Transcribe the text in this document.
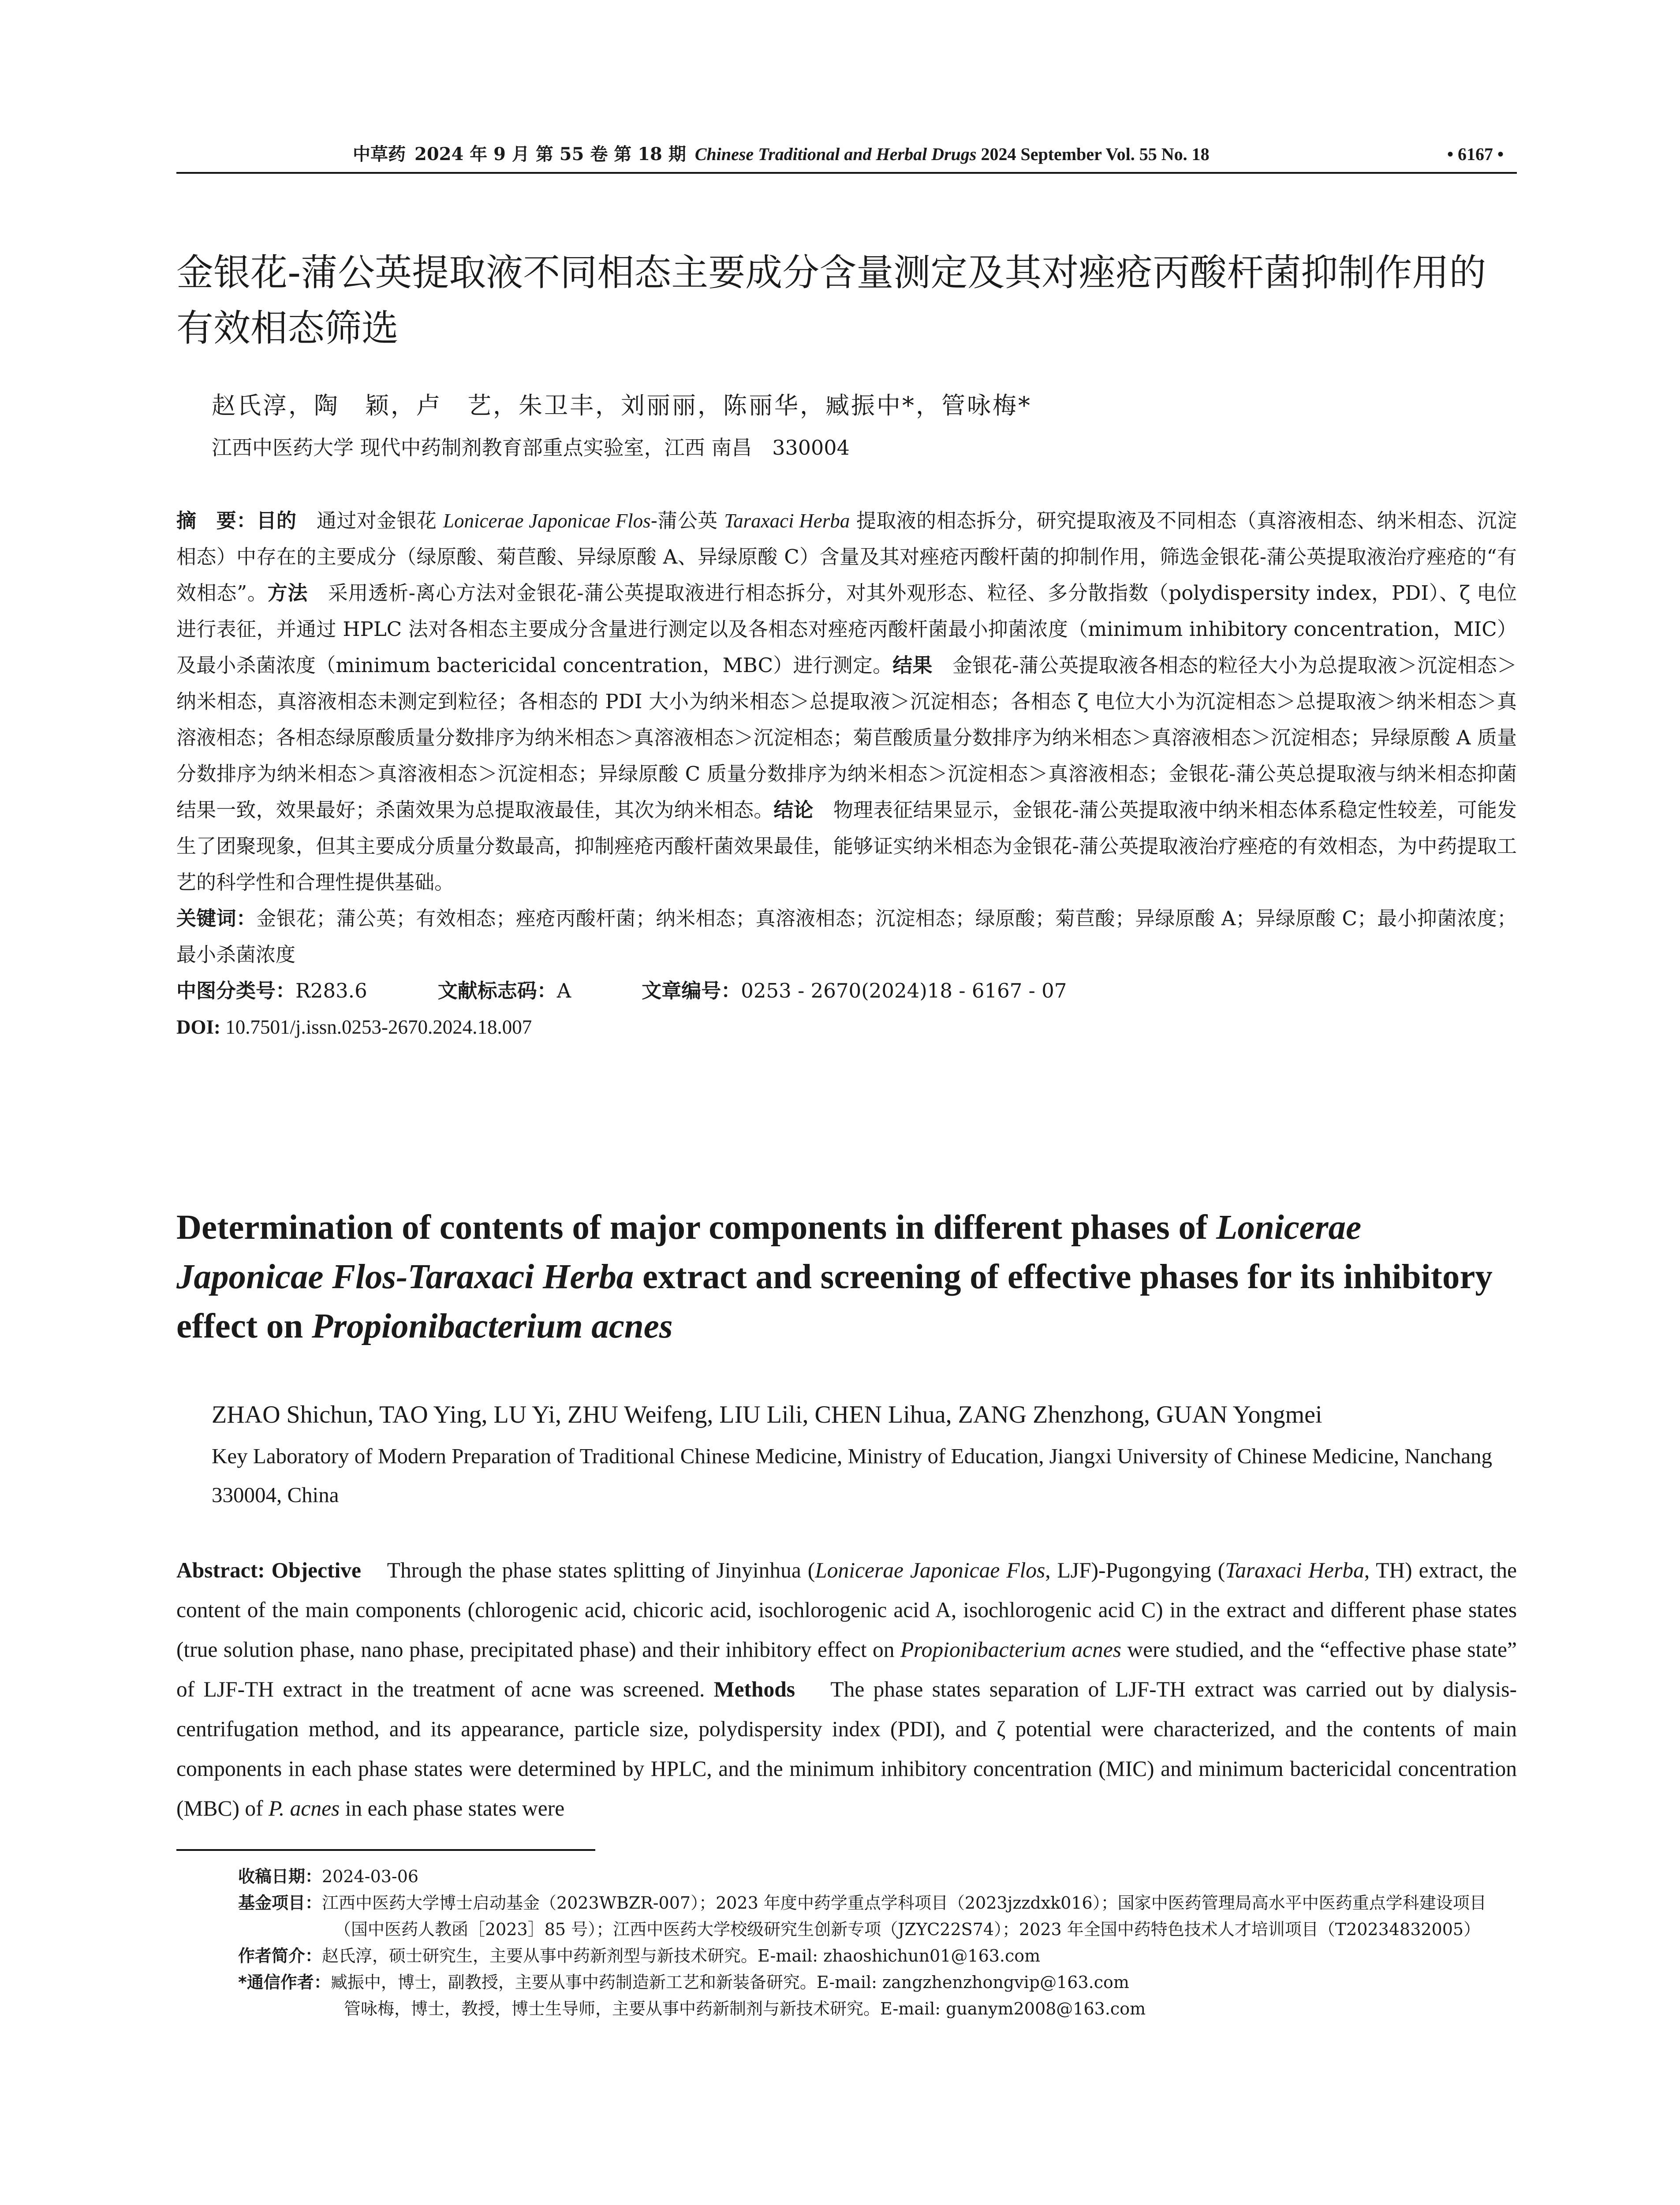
中草药 2024 年 9 月 第 55 卷 第 18 期 Chinese Traditional and Herbal Drugs 2024 September Vol. 55 No. 18	• 6167 •
金银花-蒲公英提取液不同相态主要成分含量测定及其对痤疮丙酸杆菌抑制作用的有效相态筛选
赵氏淳，陶　颖，卢　艺，朱卫丰，刘丽丽，陈丽华，臧振中*，管咏梅*
江西中医药大学 现代中药制剂教育部重点实验室，江西 南昌　330004

摘　要：目的　 通过对金银花 Lonicerae Japonicae Flos-蒲公英 Taraxaci Herba 提取液的相态拆分，研究提取液及不同相态（真溶液相态、纳米相态、沉淀相态）中存在的主要成分（绿原酸、菊苣酸、异绿原酸 A、异绿原酸 C）含量及其对痤疮丙酸杆菌的抑制作用，筛选金银花-蒲公英提取液治疗痤疮的“有效相态”。方法　 采用透析-离心方法对金银花-蒲公英提取液进行相态拆分，对其外观形态、粒径、多分散指数（polydispersity index，PDI）、ζ 电位进行表征，并通过 HPLC 法对各相态主要成分含量进行测定以及各相态对痤疮丙酸杆菌最小抑菌浓度（minimum inhibitory concentration，MIC）及最小杀菌浓度（minimum bactericidal concentration，MBC）进行测定。结果　 金银花-蒲公英提取液各相态的粒径大小为总提取液＞沉淀相态＞纳米相态，真溶液相态未测定到粒径；各相态的 PDI 大小为纳米相态＞总提取液＞沉淀相态；各相态 ζ 电位大小为沉淀相态＞总提取液＞纳米相态＞真溶液相态；各相态绿原酸质量分数排序为纳米相态＞真溶液相态＞沉淀相态；菊苣酸质量分数排序为纳米相态＞真溶液相态＞沉淀相态；异绿原酸 A 质量分数排序为纳米相态＞真溶液相态＞沉淀相态；异绿原酸 C 质量分数排序为纳米相态＞沉淀相态＞真溶液相态；金银花-蒲公英总提取液与纳米相态抑菌结果一致，效果最好；杀菌效果为总提取液最佳，其次为纳米相态。结论　 物理表征结果显示，金银花-蒲公英提取液中纳米相态体系稳定性较差，可能发生了团聚现象，但其主要成分质量分数最高，抑制痤疮丙酸杆菌效果最佳，能够证实纳米相态为金银花-蒲公英提取液治疗痤疮的有效相态，为中药提取工艺的科学性和合理性提供基础。

关键词：金银花；蒲公英；有效相态；痤疮丙酸杆菌；纳米相态；真溶液相态；沉淀相态；绿原酸；菊苣酸；异绿原酸 A；异绿原酸 C；最小抑菌浓度；最小杀菌浓度

中图分类号：R283.6	文献标志码：A	文章编号：0253 - 2670(2024)18 - 6167 - 07

DOI: 10.7501/j.issn.0253-2670.2024.18.007

Determination of contents of major components in different phases of Lonicerae Japonicae Flos-Taraxaci Herba extract and screening of effective phases for its inhibitory effect on Propionibacterium acnes
ZHAO Shichun, TAO Ying, LU Yi, ZHU Weifeng, LIU Lili, CHEN Lihua, ZANG Zhenzhong, GUAN Yongmei
Key Laboratory of Modern Preparation of Traditional Chinese Medicine, Ministry of Education, Jiangxi University of Chinese Medicine, Nanchang 330004, China

Abstract: Objective Through the phase states splitting of Jinyinhua (Lonicerae Japonicae Flos, LJF)-Pugongying (Taraxaci Herba, TH) extract, the content of the main components (chlorogenic acid, chicoric acid, isochlorogenic acid A, isochlorogenic acid C) in the extract and different phase states (true solution phase, nano phase, precipitated phase) and their inhibitory effect on Propionibacterium acnes were studied, and the “effective phase state” of LJF-TH extract in the treatment of acne was screened. Methods The phase states separation of LJF-TH extract was carried out by dialysis-centrifugation method, and its appearance, particle size, polydispersity index (PDI), and ζ potential were characterized, and the contents of main components in each phase states were determined by HPLC, and the minimum inhibitory concentration (MIC) and minimum bactericidal concentration (MBC) of P. acnes in each phase states were

收稿日期：2024-03-06

基金项目：江西中医药大学博士启动基金（2023WBZR-007）；2023 年度中药学重点学科项目（2023jzzdxk016）；国家中医药管理局高水平中医药重点学科建设项目（国中医药人教函［2023］85 号）；江西中医药大学校级研究生创新专项（JZYC22S74）；2023 年全国中药特色技术人才培训项目（T20234832005）

作者简介：赵氏淳，硕士研究生，主要从事中药新剂型与新技术研究。E-mail: zhaoshichun01@163.com

*通信作者：臧振中，博士，副教授，主要从事中药制造新工艺和新装备研究。E-mail: zangzhenzhongvip@163.com

管咏梅，博士，教授，博士生导师，主要从事中药新制剂与新技术研究。E-mail: guanym2008@163.com
